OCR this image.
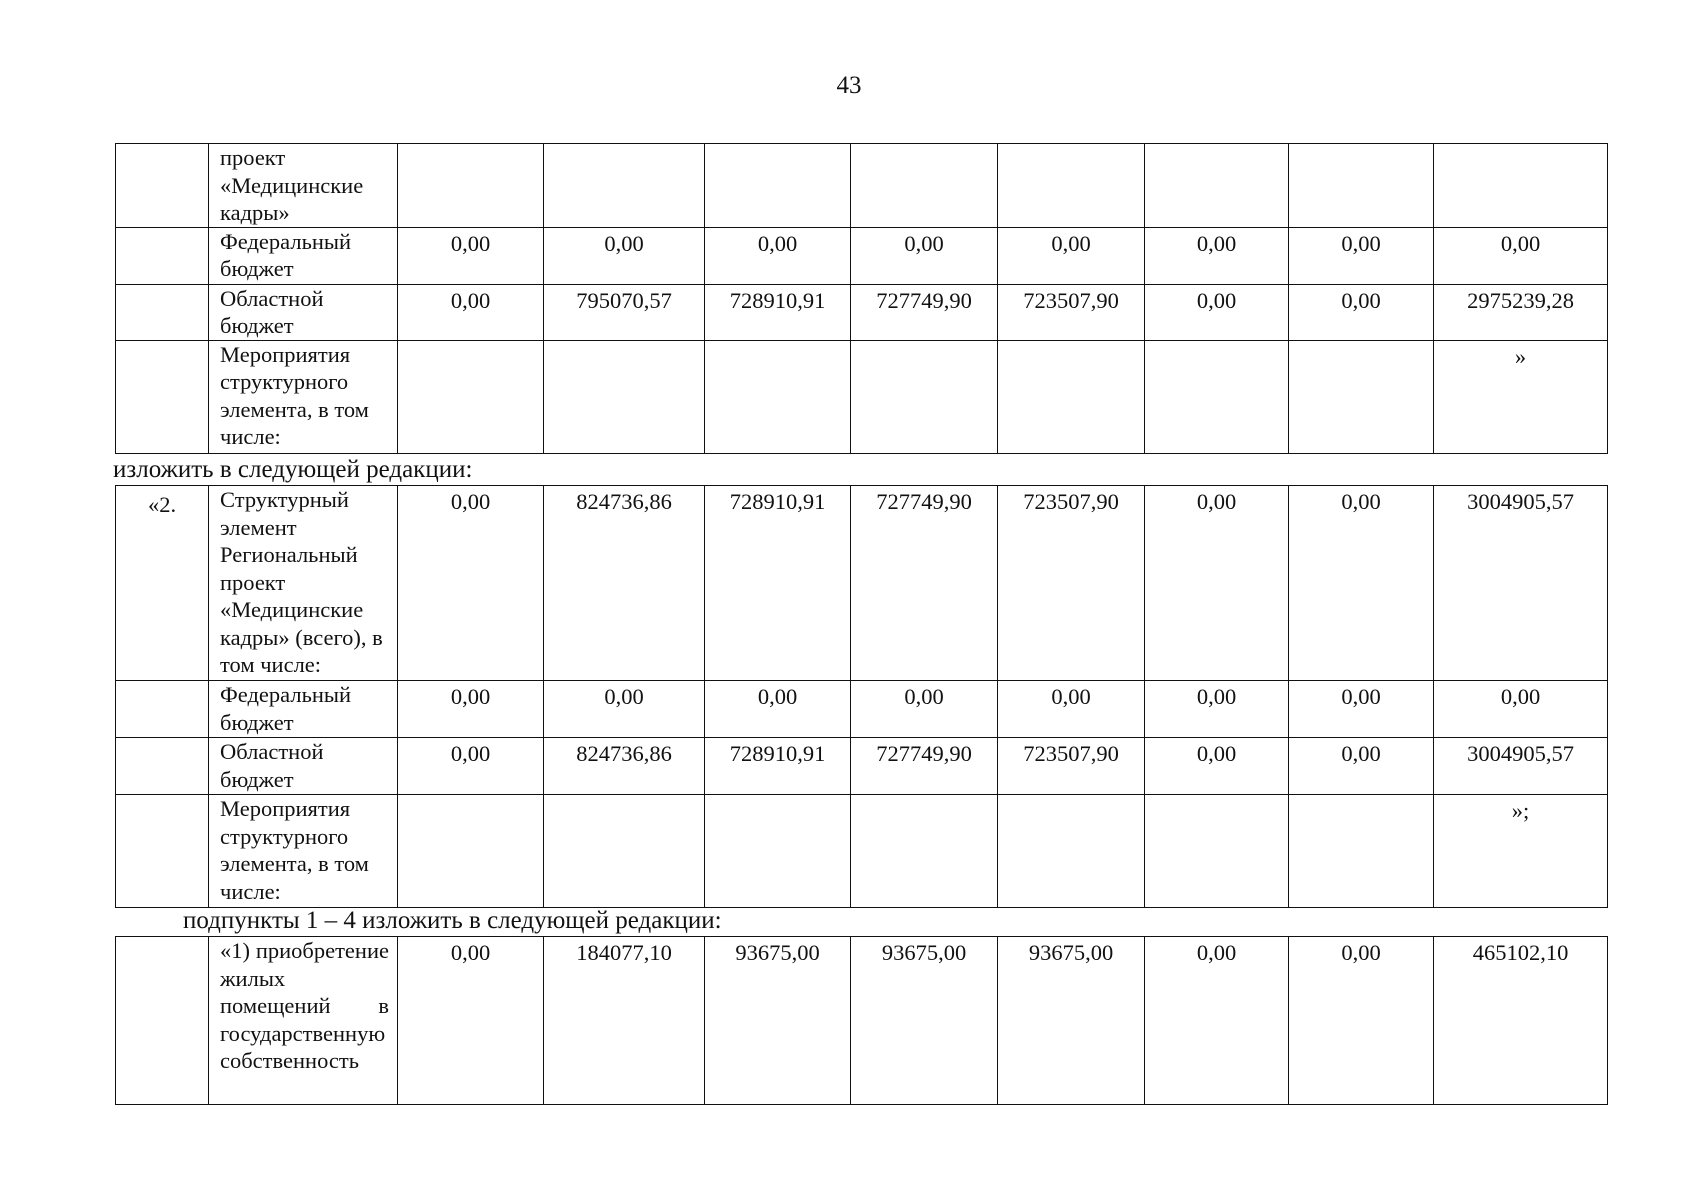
43
	проект «Медицинские кадры»								
	Федеральный бюджет	0,00	0,00	0,00	0,00	0,00	0,00	0,00	0,00
	Областной бюджет	0,00	795070,57	728910,91	727749,90	723507,90	0,00	0,00	2975239,28
	Мероприятия структурного элемента, в том числе:								»
изложить в следующей редакции:
«2.	Структурный элемент Региональный проект «Медицинские кадры» (всего), в том числе:	0,00	824736,86	728910,91	727749,90	723507,90	0,00	0,00	3004905,57
	Федеральный бюджет	0,00	0,00	0,00	0,00	0,00	0,00	0,00	0,00
	Областной бюджет	0,00	824736,86	728910,91	727749,90	723507,90	0,00	0,00	3004905,57
	Мероприятия структурного элемента, в том числе:								»;
подпункты 1 – 4 изложить в следующей редакции:
	«1) приобретение жилых помещений в государственную собственность	0,00	184077,10	93675,00	93675,00	93675,00	0,00	0,00	465102,10
